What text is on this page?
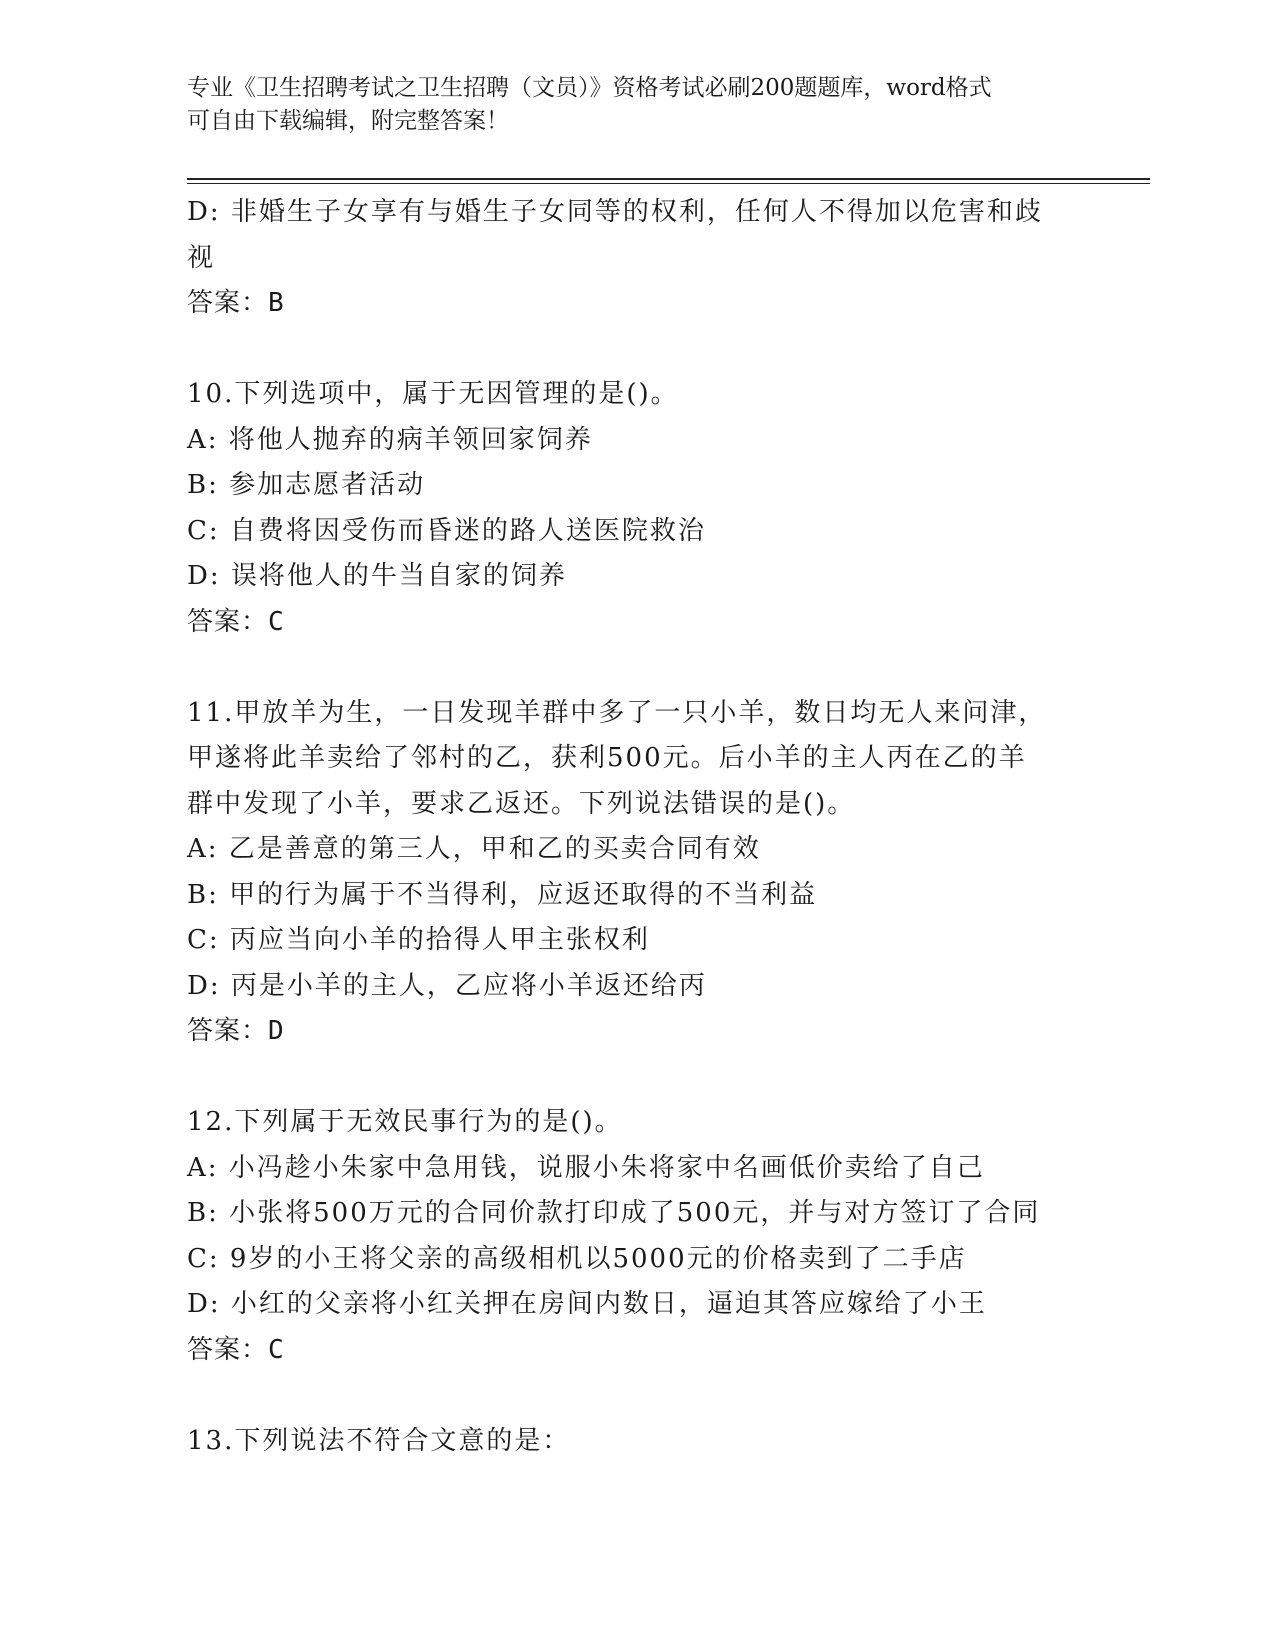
专业《卫生招聘考试之卫生招聘（文员）》资格考试必刷200题题库，word格式
可自由下载编辑，附完整答案！
D: 非婚生子女享有与婚生子女同等的权利，任何人不得加以危害和歧
视
答案：B
10.下列选项中，属于无因管理的是()。
A: 将他人抛弃的病羊领回家饲养
B: 参加志愿者活动
C: 自费将因受伤而昏迷的路人送医院救治
D: 误将他人的牛当自家的饲养
答案：C
11.甲放羊为生，一日发现羊群中多了一只小羊，数日均无人来问津，
甲遂将此羊卖给了邻村的乙，获利500元。后小羊的主人丙在乙的羊
群中发现了小羊，要求乙返还。下列说法错误的是()。
A: 乙是善意的第三人，甲和乙的买卖合同有效
B: 甲的行为属于不当得利，应返还取得的不当利益
C: 丙应当向小羊的拾得人甲主张权利
D: 丙是小羊的主人，乙应将小羊返还给丙
答案：D
12.下列属于无效民事行为的是()。
A: 小冯趁小朱家中急用钱，说服小朱将家中名画低价卖给了自己
B: 小张将500万元的合同价款打印成了500元，并与对方签订了合同
C: 9岁的小王将父亲的高级相机以5000元的价格卖到了二手店
D: 小红的父亲将小红关押在房间内数日，逼迫其答应嫁给了小王
答案：C
13.下列说法不符合文意的是：
